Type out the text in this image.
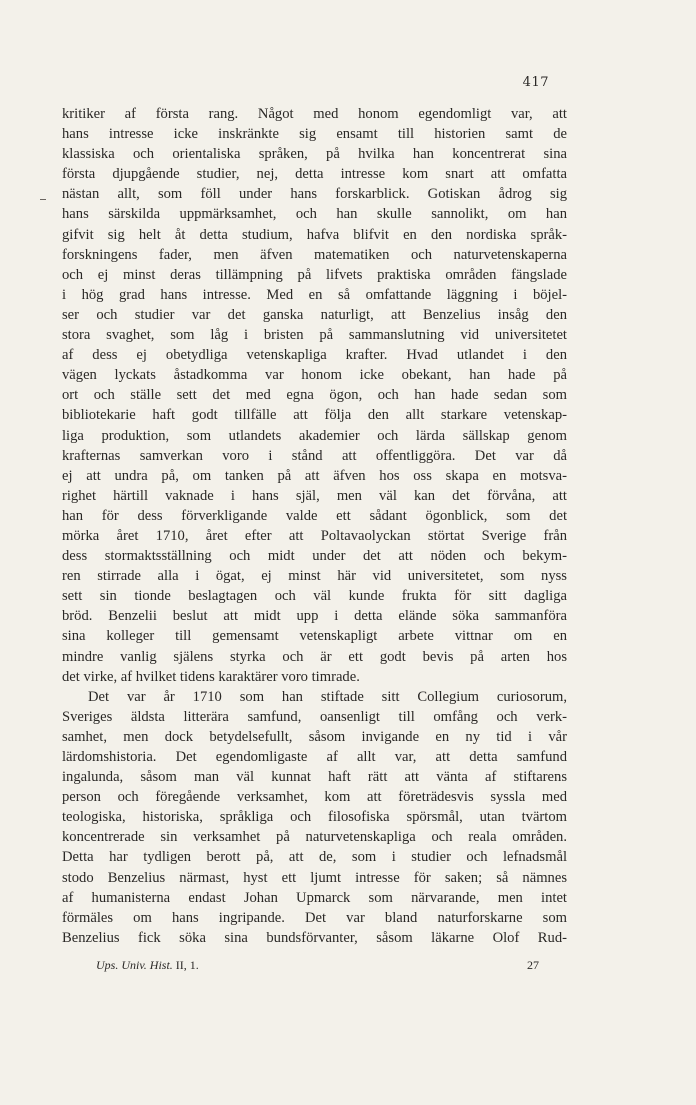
417
kritiker af första rang. Något med honom egendomligt var, att
hans intresse icke inskränkte sig ensamt till historien samt de
klassiska och orientaliska språken, på hvilka han koncentrerat sina
första djupgående studier, nej, detta intresse kom snart att omfatta
nästan allt, som föll under hans forskarblick. Gotiskan ådrog sig
hans särskilda uppmärksamhet, och han skulle sannolikt, om han
gifvit sig helt åt detta studium, hafva blifvit en den nordiska språk-
forskningens fader, men äfven matematiken och naturvetenskaperna
och ej minst deras tillämpning på lifvets praktiska områden fängslade
i hög grad hans intresse. Med en så omfattande läggning i böjel-
ser och studier var det ganska naturligt, att Benzelius insåg den
stora svaghet, som låg i bristen på sammanslutning vid universitetet
af dess ej obetydliga vetenskapliga krafter. Hvad utlandet i den
vägen lyckats åstadkomma var honom icke obekant, han hade på
ort och ställe sett det med egna ögon, och han hade sedan som
bibliotekarie haft godt tillfälle att följa den allt starkare vetenskap-
liga produktion, som utlandets akademier och lärda sällskap genom
krafternas samverkan voro i stånd att offentliggöra. Det var då
ej att undra på, om tanken på att äfven hos oss skapa en motsva-
righet härtill vaknade i hans själ, men väl kan det förvåna, att
han för dess förverkligande valde ett sådant ögonblick, som det
mörka året 1710, året efter att Poltavaolyckan störtat Sverige från
dess stormaktsställning och midt under det att nöden och bekym-
ren stirrade alla i ögat, ej minst här vid universitetet, som nyss
sett sin tionde beslagtagen och väl kunde frukta för sitt dagliga
bröd. Benzelii beslut att midt upp i detta elände söka sammanföra
sina kolleger till gemensamt vetenskapligt arbete vittnar om en
mindre vanlig själens styrka och är ett godt bevis på arten hos
det virke, af hvilket tidens karaktärer voro timrade.
Det var år 1710 som han stiftade sitt Collegium curiosorum,
Sveriges äldsta litterära samfund, oansenligt till omfång och verk-
samhet, men dock betydelsefullt, såsom invigande en ny tid i vår
lärdomshistoria. Det egendomligaste af allt var, att detta samfund
ingalunda, såsom man väl kunnat haft rätt att vänta af stiftarens
person och föregående verksamhet, kom att företrädesvis syssla med
teologiska, historiska, språkliga och filosofiska spörsmål, utan tvärtom
koncentrerade sin verksamhet på naturvetenskapliga och reala områden.
Detta har tydligen berott på, att de, som i studier och lefnadsmål
stodo Benzelius närmast, hyst ett ljumt intresse för saken; så nämnes
af humanisterna endast Johan Upmarck som närvarande, men intet
förmäles om hans ingripande. Det var bland naturforskarne som
Benzelius fick söka sina bundsförvanter, såsom läkarne Olof Rud-
Ups. Univ. Hist. II, 1.	27
